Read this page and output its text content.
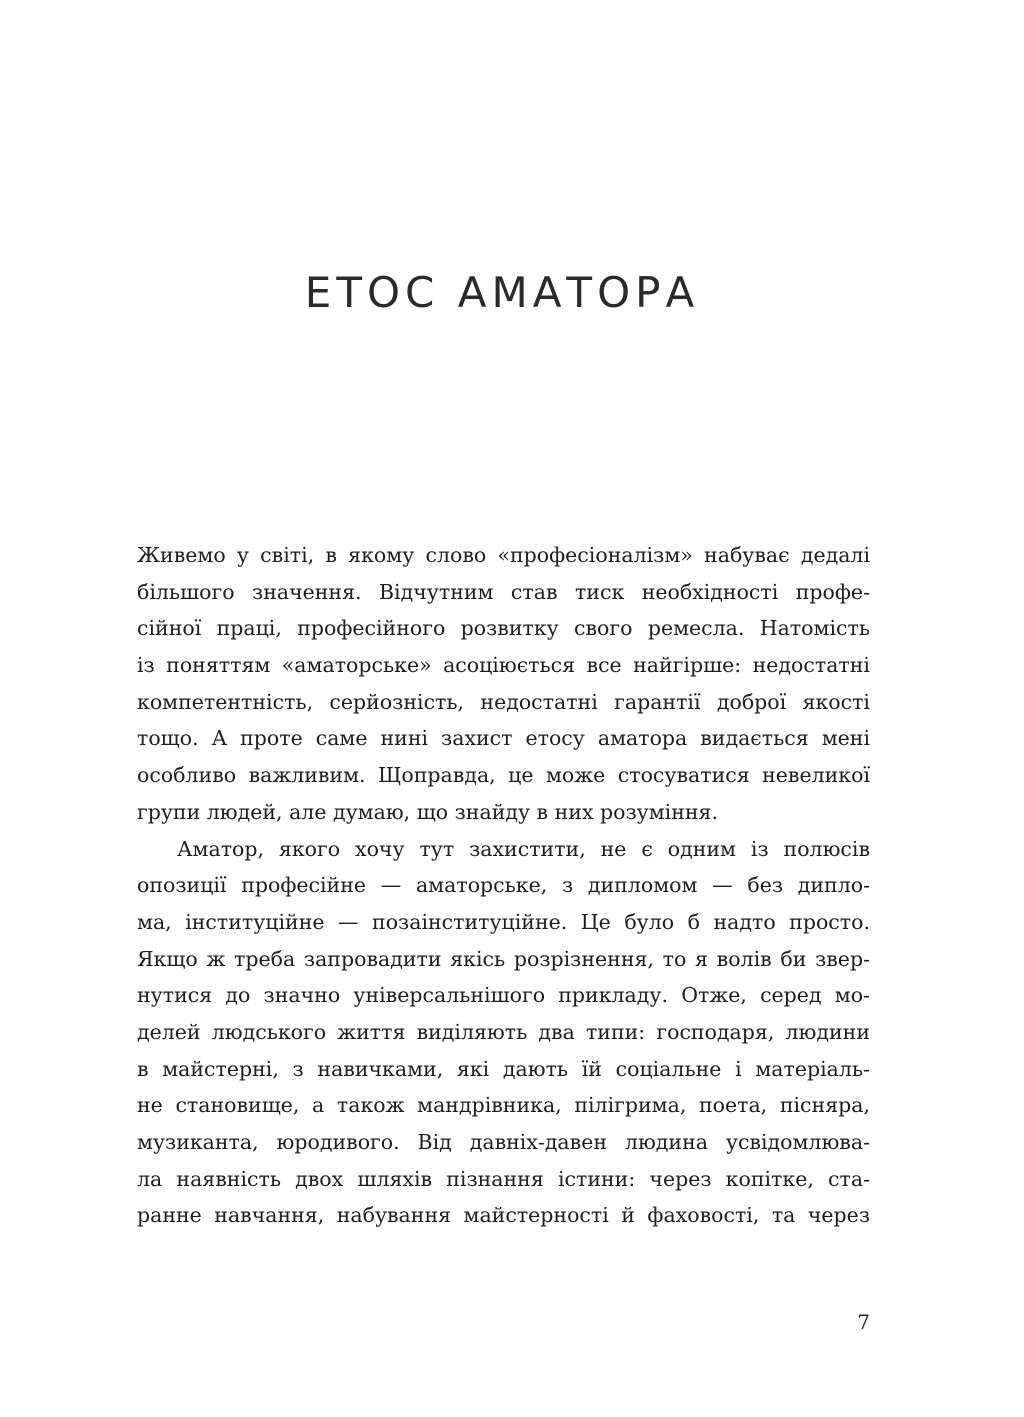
ЕТОС АМАТОРА
Живемо у світі, в якому слово «професіоналізм» набуває дедалі
більшого значення. Відчутним став тиск необхідності профе-
сійної праці, професійного розвитку свого ремесла. Натомість
із поняттям «аматорське» асоціюється все найгірше: недостатні
компетентність, серйозність, недостатні гарантії доброї якості
тощо. А проте саме нині захист етосу аматора видається мені
особливо важливим. Щоправда, це може стосуватися невеликої
групи людей, але думаю, що знайду в них розуміння.
Аматор, якого хочу тут захистити, не є одним із полюсів
опозиції професійне — аматорське, з дипломом — без дипло-
ма, інституційне — позаінституційне. Це було б надто просто.
Якщо ж треба запровадити якісь розрізнення, то я волів би звер-
нутися до значно універсальнішого прикладу. Отже, серед мо-
делей людського життя виділяють два типи: господаря, людини
в майстерні, з навичками, які дають їй соціальне і матеріаль-
не становище, а також мандрівника, пілігрима, поета, пісняра,
музиканта, юродивого. Від давніх-давен людина усвідомлюва-
ла наявність двох шляхів пізнання істини: через копітке, ста-
ранне навчання, набування майстерності й фаховості, та через
7
